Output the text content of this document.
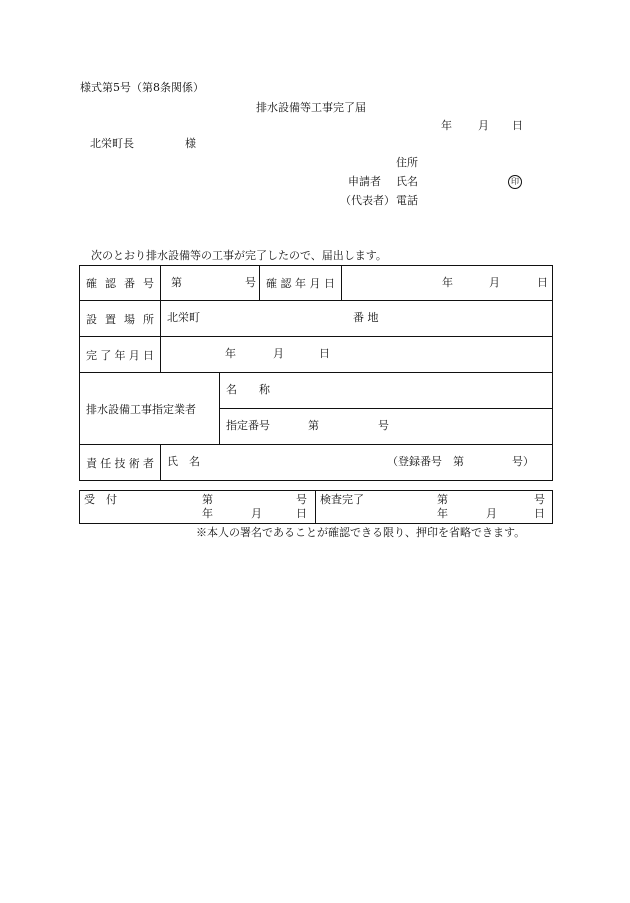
様式第5号（第8条関係）
排水設備等工事完了届
年 月 日
北栄町長	様
住所
申請者 氏名	印
（代表者） 電話
次のとおり排水設備等の工事が完了したので、届出します。
確 認 番 号	第 号		確認年月日	年 月 日

設 置 場 所	北栄町 番 地			

完了年月日	年 月 日			

排水設備工事指定業者		名　　称		

		指定番号 第 号		

責任技術者	氏　名 （登録番号　第 号）			
受　付	第	号
年	月	日

検査完了	第	号
年	月	日
※本人の署名であることが確認できる限り、押印を省略できます。
